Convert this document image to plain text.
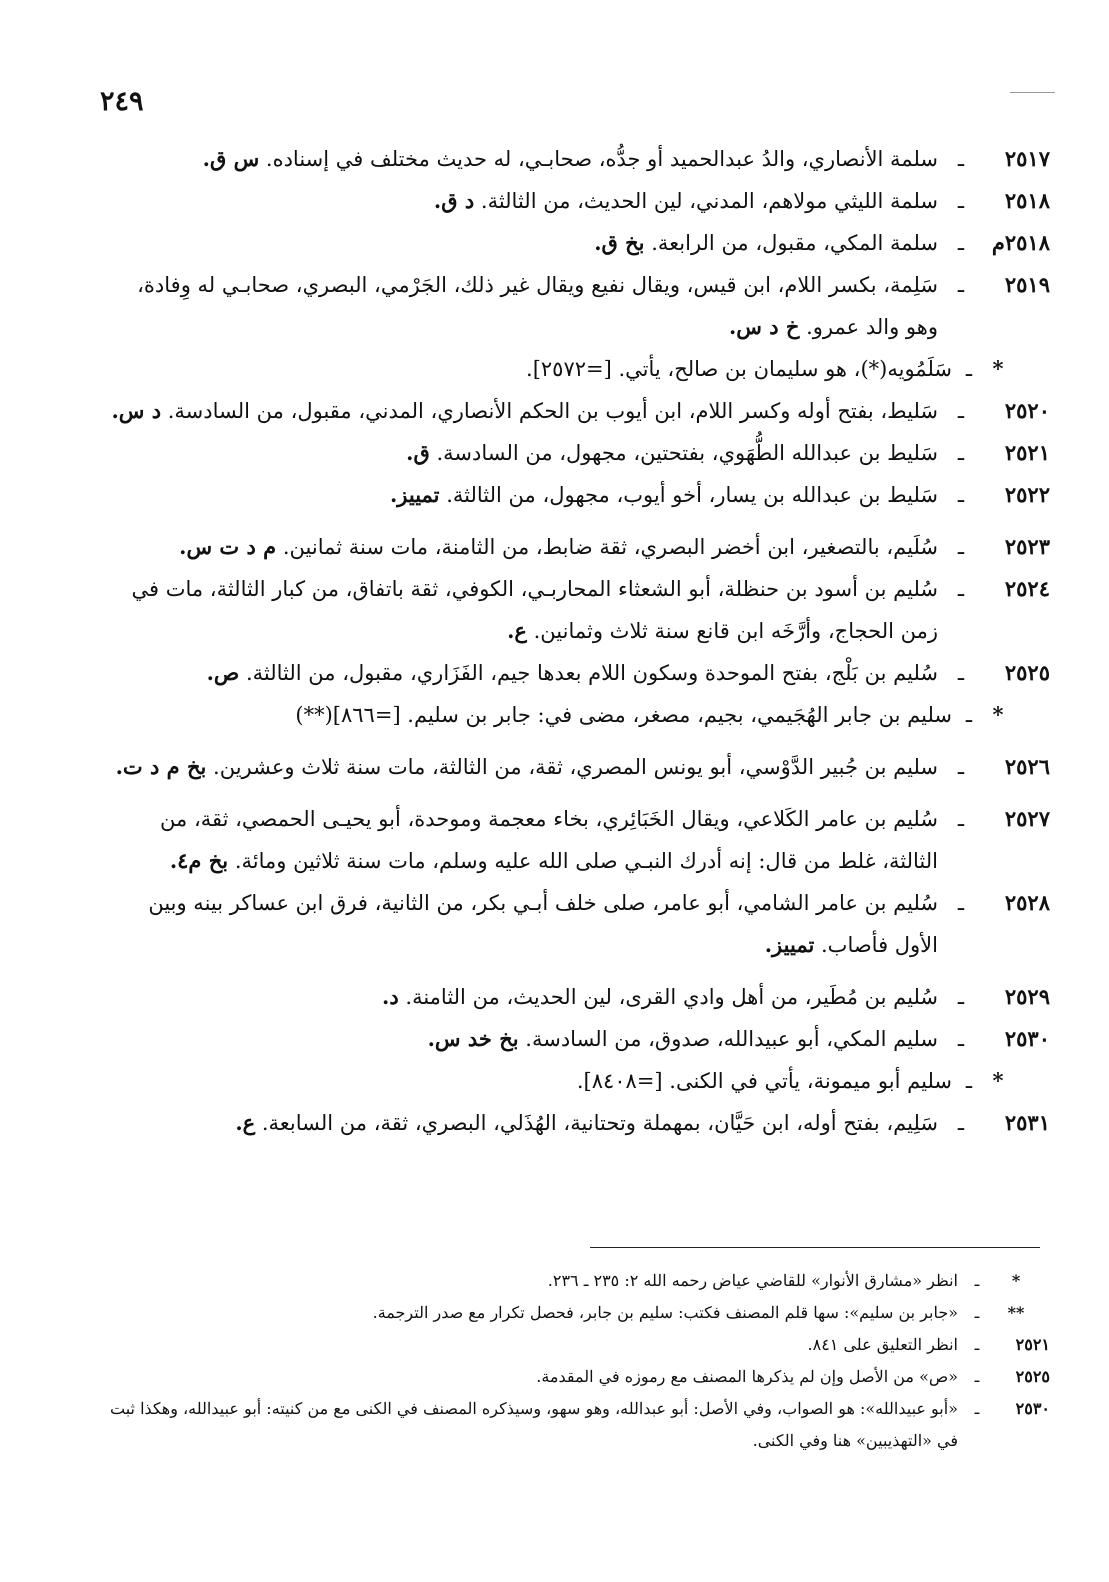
٢٤٩
٢٥١٧
ـ
سلمة الأنصاري، والدُ عبدالحميد أو جدُّه، صحابـي، له حديث مختلف في إسناده. س ق.
٢٥١٨
ـ
سلمة الليثي مولاهم، المدني، لين الحديث، من الثالثة. د ق.
٢٥١٨م
ـ
سلمة المكي، مقبول، من الرابعة. بخ ق.
٢٥١٩
ـ
سَلِمة، بكسر اللام، ابن قيس، ويقال نفيع ويقال غير ذلك، الجَرْمي، البصري، صحابـي له وِفادة، وهو والد عمرو. خ د س.
*
ـ
سَلَمُويه(*)، هو سليمان بن صالح، يأتي. [=٢٥٧٢].
٢٥٢٠
ـ
سَليط، بفتح أوله وكسر اللام، ابن أيوب بن الحكم الأنصاري، المدني، مقبول، من السادسة. د س.
٢٥٢١
ـ
سَليط بن عبدالله الطُّهَوي، بفتحتين، مجهول، من السادسة. ق.
٢٥٢٢
ـ
سَليط بن عبدالله بن يسار، أخو أيوب، مجهول، من الثالثة. تمييز.
٢٥٢٣
ـ
سُلَيم، بالتصغير، ابن أخضر البصري، ثقة ضابط، من الثامنة، مات سنة ثمانين. م د ت س.
٢٥٢٤
ـ
سُليم بن أسود بن حنظلة، أبو الشعثاء المحاربـي، الكوفي، ثقة باتفاق، من كبار الثالثة، مات في زمن الحجاج، وأرَّخَه ابن قانع سنة ثلاث وثمانين. ع.
٢٥٢٥
ـ
سُليم بن بَلْج، بفتح الموحدة وسكون اللام بعدها جيم، الفَزَاري، مقبول، من الثالثة. ص.
*
ـ
سليم بن جابر الهُجَيمي، بجيم، مصغر، مضى في: جابر بن سليم. [=٨٦٦](**)
٢٥٢٦
ـ
سليم بن جُبير الدَّوْسي، أبو يونس المصري، ثقة، من الثالثة، مات سنة ثلاث وعشرين. بخ م د ت.
٢٥٢٧
ـ
سُليم بن عامر الكَلاعي، ويقال الخَبَائِري، بخاء معجمة وموحدة، أبو يحيـى الحمصي، ثقة، من الثالثة، غلط من قال: إنه أدرك النبـي صلى الله عليه وسلم، مات سنة ثلاثين ومائة. بخ م٤.
٢٥٢٨
ـ
سُليم بن عامر الشامي، أبو عامر، صلى خلف أبـي بكر، من الثانية، فرق ابن عساكر بينه وبين الأول فأصاب. تمييز.
٢٥٢٩
ـ
سُليم بن مُطَير، من أهل وادي القرى، لين الحديث، من الثامنة. د.
٢٥٣٠
ـ
سليم المكي، أبو عبيدالله، صدوق، من السادسة. بخ خد س.
*
ـ
سليم أبو ميمونة، يأتي في الكنى. [=٨٤٠٨].
٢٥٣١
ـ
سَلِيم، بفتح أوله، ابن حَيَّان، بمهملة وتحتانية، الهُذَلي، البصري، ثقة، من السابعة. ع.
*
ـ
انظر «مشارق الأنوار» للقاضي عياض رحمه الله ٢: ٢٣٥ ـ ٢٣٦.
**
ـ
«جابر بن سليم»: سها قلم المصنف فكتب: سليم بن جابر، فحصل تكرار مع صدر الترجمة.
٢٥٢١
ـ
انظر التعليق على ٨٤١.
٢٥٢٥
ـ
«ص» من الأصل وإن لم يذكرها المصنف مع رموزه في المقدمة.
٢٥٣٠
ـ
«أبو عبيدالله»: هو الصواب، وفي الأصل: أبو عبدالله، وهو سهو، وسيذكره المصنف في الكنى مع من كنيته: أبو عبيدالله، وهكذا ثبت في «التهذيبين» هنا وفي الكنى.
